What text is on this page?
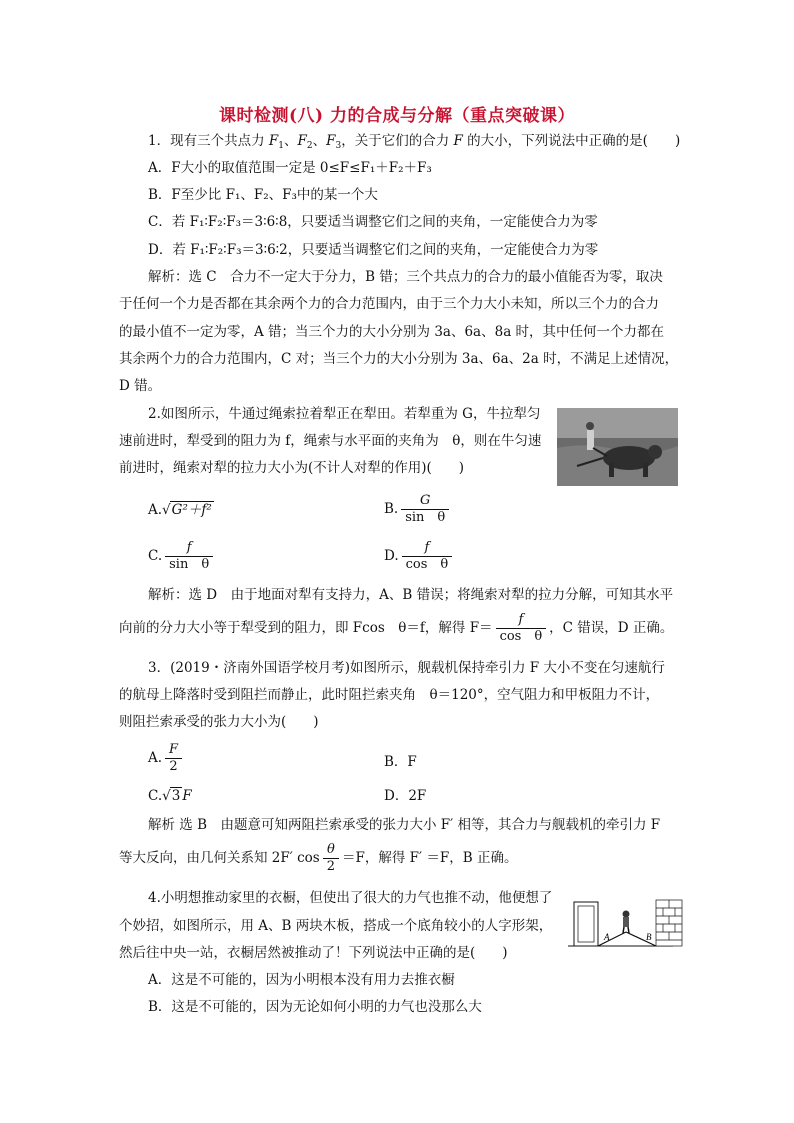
课时检测(八) 力的合成与分解（重点突破课）
1．现有三个共点力 $F_1$、$F_2$、$F_3$，关于它们的合力 F 的大小，下列说法中正确的是(　　)
A．F大小的取值范围一定是 0≤F≤F₁＋F₂＋F₃
B．F至少比 F₁、F₂、F₃中的某一个大
C．若 F₁∶F₂∶F₃＝3∶6∶8，只要适当调整它们之间的夹角，一定能使合力为零
D．若 F₁∶F₂∶F₃＝3∶6∶2，只要适当调整它们之间的夹角，一定能使合力为零
解析：选 C　合力不一定大于分力，B 错；三个共点力的合力的最小值能否为零，取决
于任何一个力是否都在其余两个力的合力范围内，由于三个力大小未知，所以三个力的合力
的最小值不一定为零，A 错；当三个力的大小分别为 3a、6a、8a 时，其中任何一个力都在
其余两个力的合力范围内，C 对；当三个力的大小分别为 3a、6a、2a 时，不满足上述情况，
D 错。
2.如图所示，牛通过绳索拉着犁正在犁田。若犁重为 G，牛拉犁匀
速前进时，犁受到的阻力为 f，绳索与水平面的夹角为　θ，则在牛匀速
前进时，绳索对犁的拉力大小为(不计人对犁的作用)(　　)
A.√G²＋f²	B. $\frac{G}{\text{sin　θ}}$
C. $\frac{f}{\text{sin　θ}}$	D. $\frac{f}{\text{cos　θ}}$
解析：选 D　由于地面对犁有支持力，A、B 错误；将绳索对犁的拉力分解，可知其水平
向前的分力大小等于犁受到的阻力，即 Fcos　θ＝f，解得 $F= \frac{f}{\text{cos　θ}}$ ，C 错误，D 正确。
3．(2019・济南外国语学校月考)如图所示，舰载机保持牵引力 F 大小不变在匀速航行
的航母上降落时受到阻拦而静止，此时阻拦索夹角　θ＝120°，空气阻力和甲板阻力不计，
则阻拦索承受的张力大小为(　　)
A. $\frac{F}{2}$	B．F
C.√3 F	D．2F
解析 选 B　由题意可知两阻拦索承受的张力大小 F′ 相等，其合力与舰载机的牵引力 F
等大反向，由几何关系知 2F′ $\cos \frac{\theta}{2} =F$，解得 F′ ＝F，B 正确。
4.小明想推动家里的衣橱，但使出了很大的力气也推不动，他便想了
个妙招，如图所示，用 A、B 两块木板，搭成一个底角较小的人字形架，
然后往中央一站，衣橱居然被推动了！下列说法中正确的是(　　)
A	B
A．这是不可能的，因为小明根本没有用力去推衣橱
B．这是不可能的，因为无论如何小明的力气也没那么大
